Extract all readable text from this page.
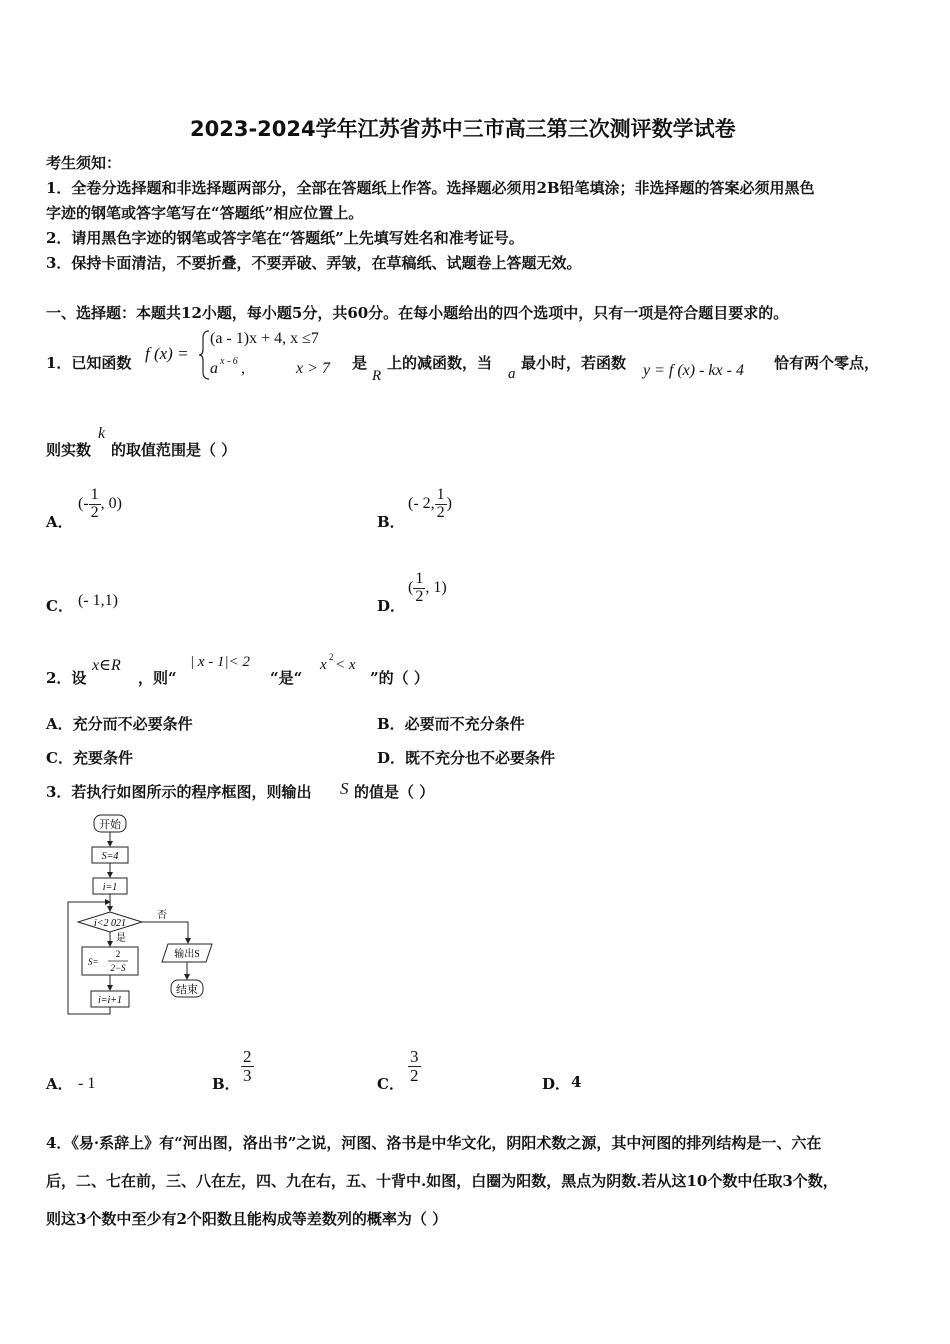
2023-2024学年江苏省苏中三市高三第三次测评数学试卷
考生须知：
1．全卷分选择题和非选择题两部分，全部在答题纸上作答。选择题必须用2B铅笔填涂；非选择题的答案必须用黑色
字迹的钢笔或答字笔写在“答题纸”相应位置上。
2．请用黑色字迹的钢笔或答字笔在“答题纸”上先填写姓名和准考证号。
3．保持卡面清洁，不要折叠，不要弄破、弄皱，在草稿纸、试题卷上答题无效。
一、选择题：本题共12小题，每小题5分，共60分。在每小题给出的四个选项中，只有一项是符合题目要求的。
1．已知函数 f (x) =
(a - 1)x + 4, x ≤7
a x - 6 ,	x > 7 是
R
上的减函数，当
a
最小时，若函数 y = f (x) - kx - 4 恰有两个零点，
则实数
k
的取值范围是（ ）
A．
(- $\frac{1}{2}$ , 0)
B．
(- 2, $\frac{1}{2}$ )
C． (- 1,1)	D．
( $\frac{1}{2}$ , 1)
2．设
x∈R
，则“
| x - 1|< 2
“是“
x 2 < x
”的（ ）
A．充分而不必要条件	B．必要而不充分条件
C．充要条件	D．既不充分也不必要条件
3．若执行如图所示的程序框图，则输出 S 的值是（ ）
开始
S=4
i=1
i<2 021
否
是
S=
2
2−S
输出S
i=i+1
结束
A． - 1	B． $\frac{2}{3}$	C． $\frac{3}{2}$	D． 4
4．《易·系辞上》有“河出图，洛出书”之说，河图、洛书是中华文化，阴阳术数之源，其中河图的排列结构是一、六在
后，二、七在前，三、八在左，四、九在右，五、十背中.如图，白圈为阳数，黑点为阴数.若从这10个数中任取3个数，
则这3个数中至少有2个阳数且能构成等差数列的概率为（ ）
